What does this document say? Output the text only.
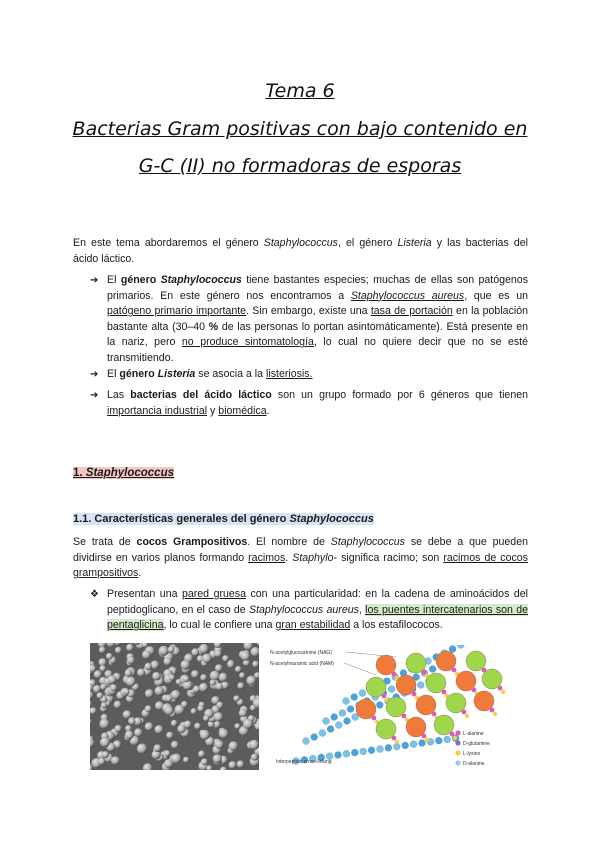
Tema 6
Bacterias Gram positivas con bajo contenido en
G-C (II) no formadoras de esporas
En este tema abordaremos el género Staphylococcus, el género Listeria y las bacterias del ácido láctico.
➔ El género Staphylococcus tiene bastantes especies; muchas de ellas son patógenos primarios. En este género nos encontramos a Staphylococcus aureus, que es un patógeno primario importante. Sin embargo, existe una tasa de portación en la población bastante alta (30–40 % de las personas lo portan asintomáticamente). Está presente en la nariz, pero no produce sintomatología, lo cual no quiere decir que no se esté transmitiendo.
➔ El género Listeria se asocia a la listeriosis.
➔ Las bacterias del ácido láctico son un grupo formado por 6 géneros que tienen importancia industrial y biomédica.
1. Staphylococcus
1.1. Características generales del género Staphylococcus
Se trata de cocos Grampositivos. El nombre de Staphylococcus se debe a que pueden dividirse en varios planos formando racimos. Staphylo- significa racimo; son racimos de cocos grampositivos.
❖ Presentan una pared gruesa con una particularidad: en la cadena de aminoácidos del peptidoglicano, en el caso de Staphylococcus aureus, los puentes intercatenarios son de pentaglicina, lo cual le confiere una gran estabilidad a los estafilococos.
N-acetylglucosamine (NAG)
N-acetylmuramic acid (NAM)
L-alanine
D-glutamine
L-lysine
D-alanine
Interpeptide cross-linking
